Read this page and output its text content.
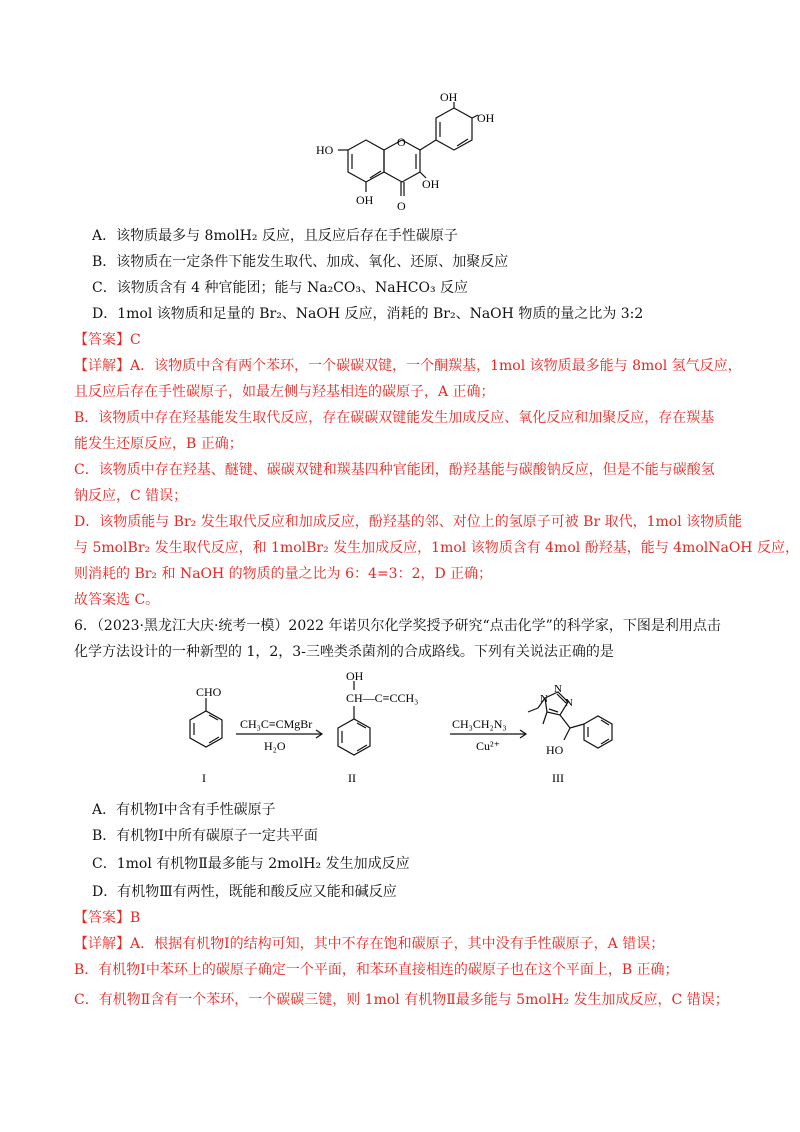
OH
OH
HO
O
OH
OH O
A．该物质最多与 8molH₂ 反应，且反应后存在手性碳原子
B．该物质在一定条件下能发生取代、加成、氧化、还原、加聚反应
C．该物质含有 4 种官能团；能与 Na₂CO₃、NaHCO₃ 反应
D．1mol 该物质和足量的 Br₂、NaOH 反应，消耗的 Br₂、NaOH 物质的量之比为 3:2
【答案】C
【详解】A．该物质中含有两个苯环，一个碳碳双键，一个酮羰基，1mol 该物质最多能与 8mol 氢气反应，
且反应后存在手性碳原子，如最左侧与羟基相连的碳原子，A 正确；
B．该物质中存在羟基能发生取代反应，存在碳碳双键能发生加成反应、氧化反应和加聚反应，存在羰基
能发生还原反应，B 正确；
C．该物质中存在羟基、醚键、碳碳双键和羰基四种官能团，酚羟基能与碳酸钠反应，但是不能与碳酸氢
钠反应，C 错误；
D．该物质能与 Br₂ 发生取代反应和加成反应，酚羟基的邻、对位上的氢原子可被 Br 取代，1mol 该物质能
与 5molBr₂ 发生取代反应，和 1molBr₂ 发生加成反应，1mol 该物质含有 4mol 酚羟基，能与 4molNaOH 反应，
则消耗的 Br₂ 和 NaOH 的物质的量之比为 6：4=3：2，D 正确；
故答案选 C。
6．（2023·黑龙江大庆·统考一模）2022 年诺贝尔化学奖授予研究“点击化学”的科学家，下图是利用点击
化学方法设计的一种新型的 1，2，3-三唑类杀菌剂的合成路线。下列有关说法正确的是
CHO
CH₃C≡CMgBr
H₂O
OH
CH—C≡CCH₃
CH₃CH₂N₃
Cu²⁺
N
N
N
HO
I	II	III
A．有机物Ⅰ中含有手性碳原子
B．有机物Ⅰ中所有碳原子一定共平面
C．1mol 有机物Ⅱ最多能与 2molH₂ 发生加成反应
D．有机物Ⅲ有两性，既能和酸反应又能和碱反应
【答案】B
【详解】A．根据有机物Ⅰ的结构可知，其中不存在饱和碳原子，其中没有手性碳原子，A 错误；
B．有机物Ⅰ中苯环上的碳原子确定一个平面，和苯环直接相连的碳原子也在这个平面上，B 正确；
C．有机物Ⅱ含有一个苯环，一个碳碳三键，则 1mol 有机物Ⅱ最多能与 5molH₂ 发生加成反应，C 错误；
